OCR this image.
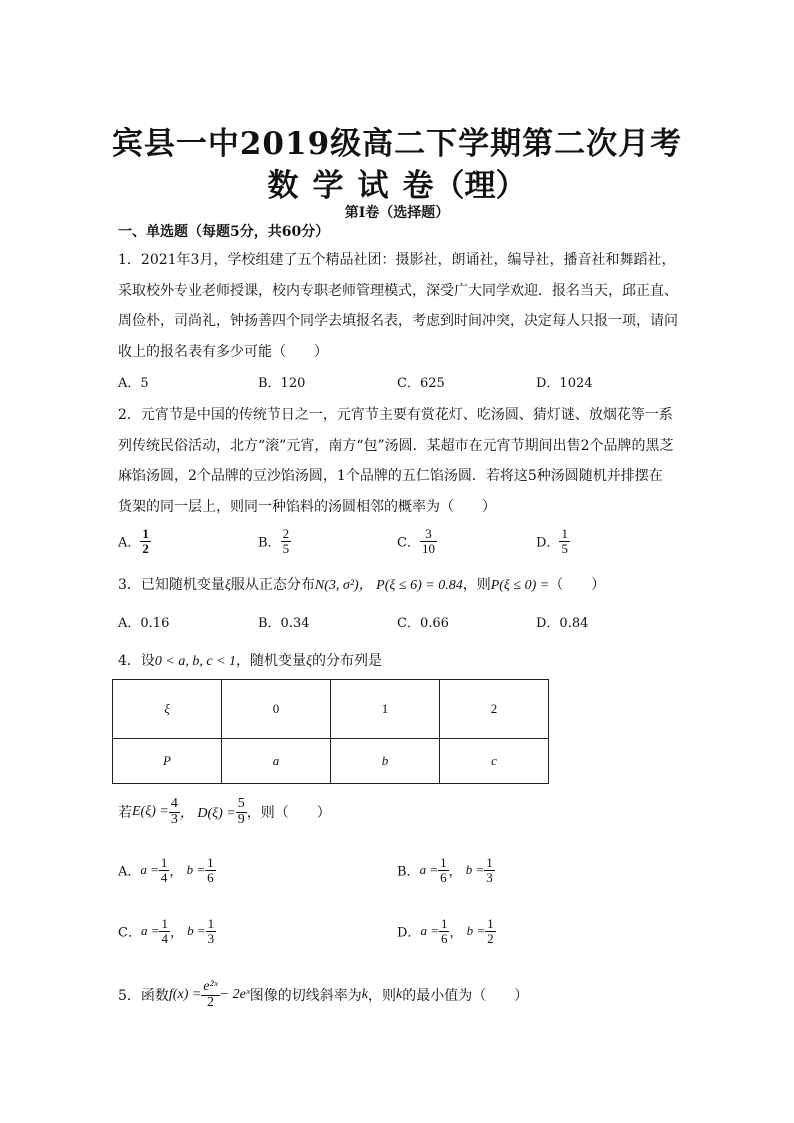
宾县一中2019级高二下学期第二次月考
数学试卷（理）
第Ⅰ卷（选择题）
一、单选题（每题5分，共60分）
1．2021年3月，学校组建了五个精品社团：摄影社，朗诵社，编导社，播音社和舞蹈社，
采取校外专业老师授课，校内专职老师管理模式，深受广大同学欢迎．报名当天，邱正直、
周俭朴，司尚礼，钟扬善四个同学去填报名表，考虑到时间冲突，决定每人只报一项，请问
收上的报名表有多少可能（　　）
A．5	B．120	C．625	D．1024
2．元宵节是中国的传统节日之一，元宵节主要有赏花灯、吃汤圆、猜灯谜、放烟花等一系
列传统民俗活动，北方“滚”元宵，南方“包”汤圆．某超市在元宵节期间出售2个品牌的黑芝
麻馅汤圆，2个品牌的豆沙馅汤圆，1个品牌的五仁馅汤圆．若将这5种汤圆随机并排摆在
货架的同一层上，则同一种馅料的汤圆相邻的概率为（　　）
A． $\frac{1}{2}$	B． $\frac{2}{5}$	C． $\frac{3}{10}$	D． $\frac{1}{5}$
3．已知随机变量ξ服从正态分布N(3, σ²)， P(ξ ≤ 6) = 0.84，则P(ξ ≤ 0) =（　　）
A．0.16	B．0.34	C．0.66	D．0.84
4．设0 < a, b, c < 1，随机变量ξ的分布列是
ξ	0	1	2
P	a	b	c
若$E(\xi) = \frac{4}{3}$ ， $D(\xi) = \frac{5}{9}$ ，则（　　）
A．$a = \frac{1}{4}$ ， $b = \frac{1}{6}$	B．$a = \frac{1}{6}$ ， $b = \frac{1}{3}$
C．$a = \frac{1}{4}$ ， $b = \frac{1}{3}$	D．$a = \frac{1}{6}$ ， $b = \frac{1}{2}$
5．函数$f(x) = \frac{\text{e²ˣ}}{2}$ − 2eˣ图像的切线斜率为k，则k的最小值为（　　）
